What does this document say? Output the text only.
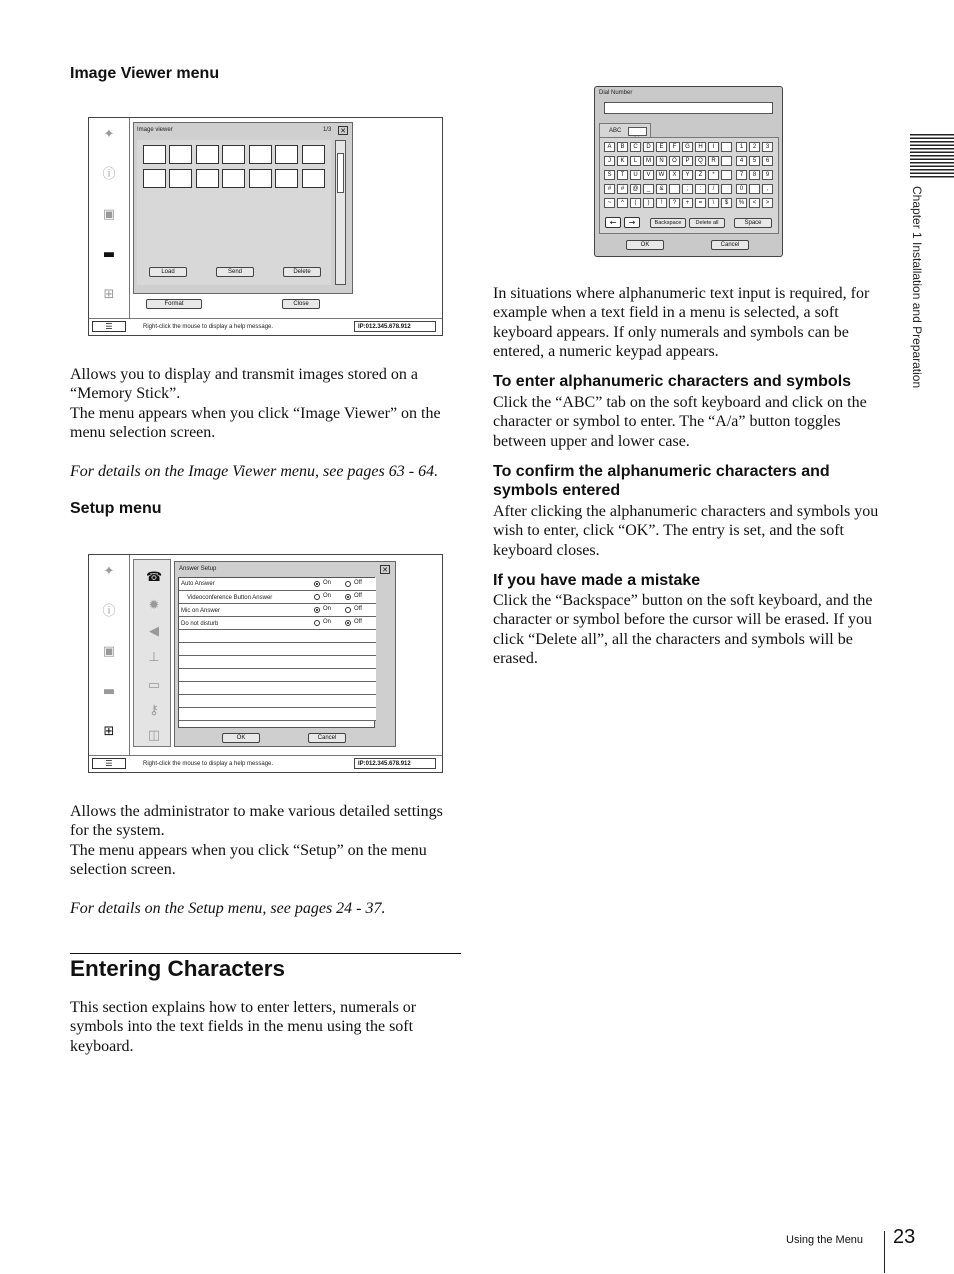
Image Viewer menu
✦
ⓘ
▣
▬
⊞
Image viewer	1/3 ✕
Load	Send	Delete
Format	Close
☰	Right-click the mouse to display a help message.	IP:012.345.678.912

Allows you to display and transmit images stored on a “Memory Stick”.

The menu appears when you click “Image Viewer” on the menu selection screen.

For details on the Image Viewer menu, see pages 63 - 64.

Setup menu
✦
ⓘ
▣
▬
⊞
☎
✹
◀
⊥
▭
⚷
◫
Answer Setup	✕
Auto Answer	On	Off
Videoconference Button Answer	On	Off
Mic on Answer	On	Off
Do not disturb	On	Off
OK	Cancel
☰	Right-click the mouse to display a help message.	IP:012.345.678.912

Allows the administrator to make various detailed settings for the system.

The menu appears when you click “Setup” on the menu selection screen.

For details on the Setup menu, see pages 24 - 37.

Entering Characters

This section explains how to enter letters, numerals or symbols into the text fields in the menu using the soft keyboard.

Dial Number
ABC
A	B	C	D	E	F	G	H	I	1	2	3
J	K	L	M	N	O	P	Q	R	4	5	6
S	T	U	V	W	X	Y	Z	*	7	8	9
#	#	@	_	&	;	:	/	0	,
~	^	(	)	!	?	+	=	\	$	%	<	>
←	→	Backspace	Delete all	Space
OK	Cancel

In situations where alphanumeric text input is required, for example when a text field in a menu is selected, a soft keyboard appears. If only numerals and symbols can be entered, a numeric keypad appears.

To enter alphanumeric characters and symbols

Click the “ABC” tab on the soft keyboard and click on the character or symbol to enter. The “A/a” button toggles between upper and lower case.

To confirm the alphanumeric characters and symbols entered

After clicking the alphanumeric characters and symbols you wish to enter, click “OK”. The entry is set, and the soft keyboard closes.

If you have made a mistake

Click the “Backspace” button on the soft keyboard, and the character or symbol before the cursor will be erased. If you click “Delete all”, all the characters and symbols will be erased.

Chapter 1 Installation and Preparation
Using the Menu 23
